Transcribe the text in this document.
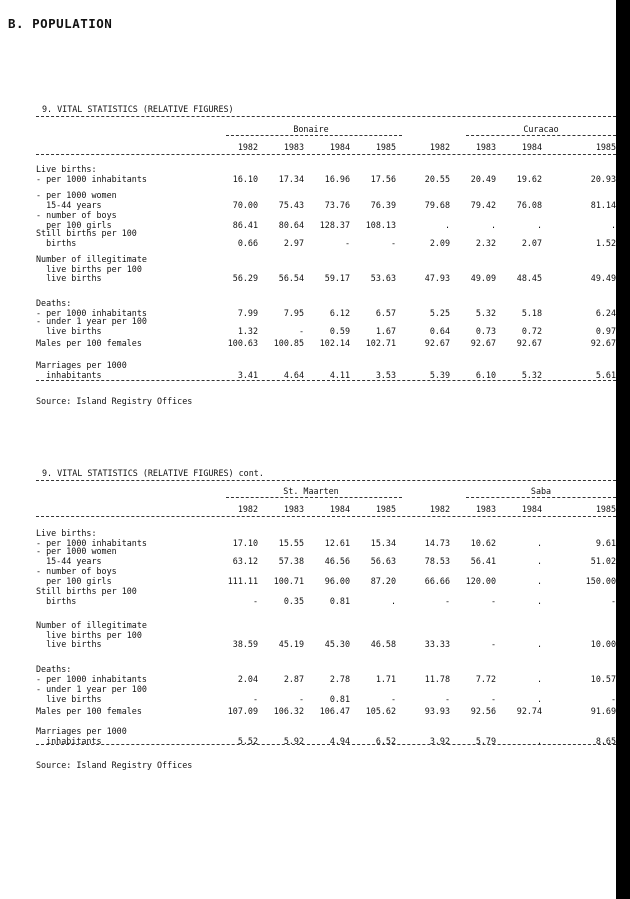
B. POPULATION
9. VITAL STATISTICS (RELATIVE FIGURES)
Bonaire	Curacao
1982	1983	1984	1985	1982	1983	1984	1985
Live births:
- per 1000 inhabitants	16.10	17.34	16.96	17.56	20.55	20.49	19.62	20.93
- per 1000 women
15-44 years	70.00	75.43	73.76	76.39	79.68	79.42	76.08	81.14
- number of boys
per 100 girls	86.41	80.64	128.37	108.13	.	.	.	.
Still births per 100
births	0.66	2.97	-	-	2.09	2.32	2.07	1.52
Number of illegitimate
live births per 100
live births	56.29	56.54	59.17	53.63	47.93	49.09	48.45	49.49
Deaths:
- per 1000 inhabitants	7.99	7.95	6.12	6.57	5.25	5.32	5.18	6.24
- under 1 year per 100
live births	1.32	-	0.59	1.67	0.64	0.73	0.72	0.97
Males per 100 females	100.63	100.85	102.14	102.71	92.67	92.67	92.67	92.67
Marriages per 1000
inhabitants	3.41	4.64	4.11	3.53	5.39	6.10	5.32	5.61
Source: Island Registry Offices
9. VITAL STATISTICS (RELATIVE FIGURES) cont.
St. Maarten	Saba
1982	1983	1984	1985	1982	1983	1984	1985
Live births:
- per 1000 inhabitants	17.10	15.55	12.61	15.34	14.73	10.62	.	9.61
- per 1000 women
15-44 years	63.12	57.38	46.56	56.63	78.53	56.41	.	51.02
- number of boys
per 100 girls	111.11	100.71	96.00	87.20	66.66	120.00	.	150.00
Still births per 100
births	-	0.35	0.81	.	-	-	.	-
Number of illegitimate
live births per 100
live births	38.59	45.19	45.30	46.58	33.33	-	.	10.00
Deaths:
- per 1000 inhabitants	2.04	2.87	2.78	1.71	11.78	7.72	.	10.57
- under 1 year per 100
live births	-	-	0.81	-	-	-	.	-
Males per 100 females	107.09	106.32	106.47	105.62	93.93	92.56	92.74	91.69
Marriages per 1000
inhabitants	5.52	5.92	4.94	6.52	3.92	5.79	.	8.65
Source: Island Registry Offices
